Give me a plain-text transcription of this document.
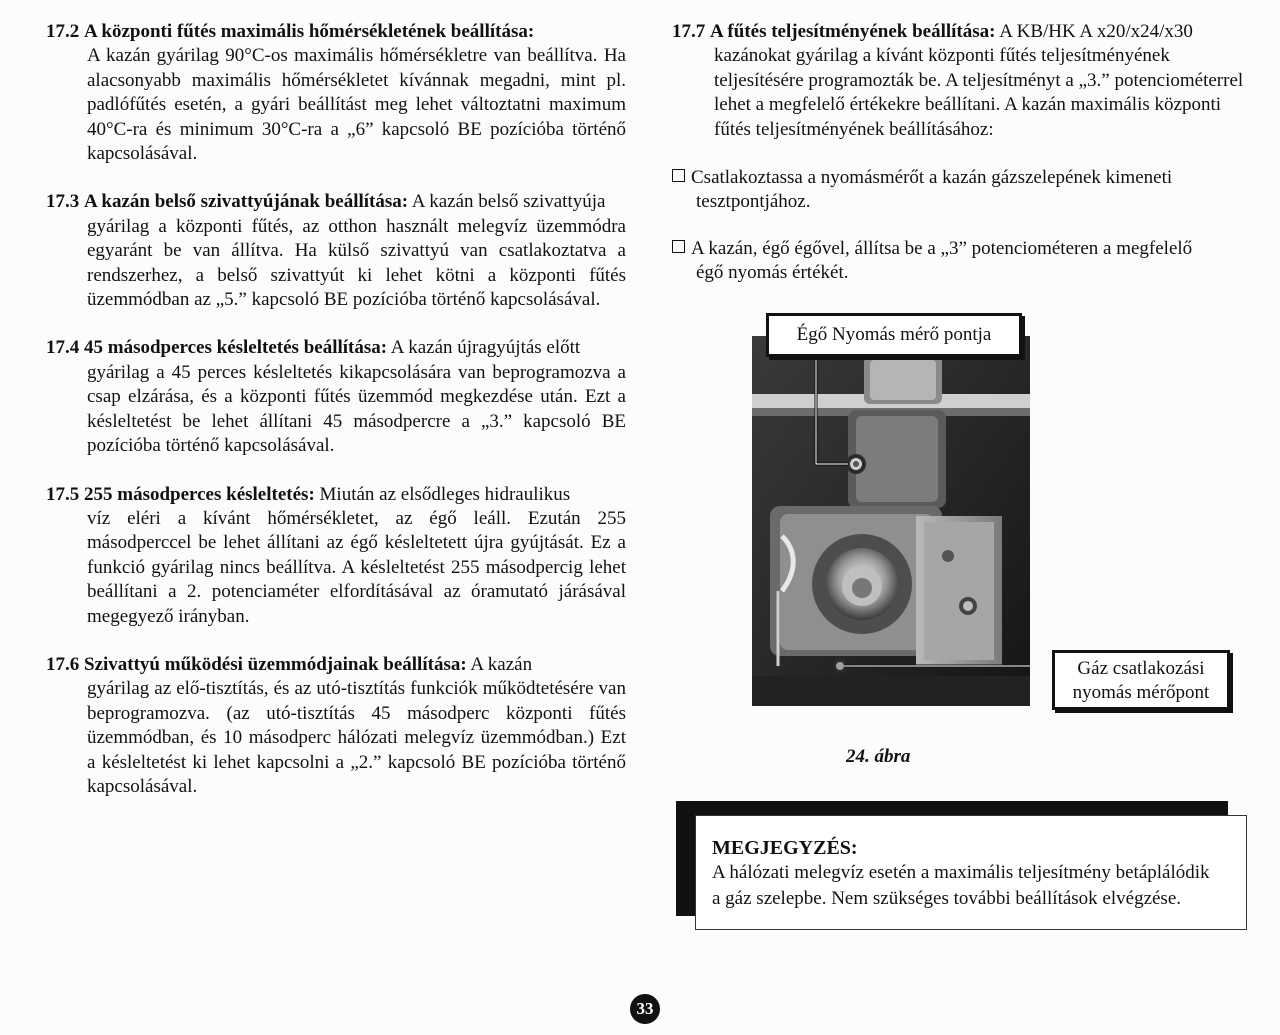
17.2 A központi fűtés maximális hőmérsékletének beállítása:
A kazán gyárilag 90°C-os maximális hőmérsékletre van beállítva. Ha alacsonyabb maximális hőmérsékletet kívánnak megadni, mint pl. padlófűtés esetén, a gyári beállítást meg lehet változtatni maximum 40°C-ra és minimum 30°C-ra a „6” kapcsoló BE pozícióba történő kapcsolásával.
17.3 A kazán belső szivattyújának beállítása: A kazán belső szivattyúja
gyárilag a központi fűtés, az otthon használt melegvíz üzemmódra egyaránt be van állítva. Ha külső szivattyú van csatlakoztatva a rendszerhez, a belső szivattyút ki lehet kötni a központi fűtés üzemmódban az „5.” kapcsoló BE pozícióba történő kapcsolásával.
17.4 45 másodperces késleltetés beállítása: A kazán újragyújtás előtt
gyárilag a 45 perces késleltetés kikapcsolására van beprogramozva a csap elzárása, és a központi fűtés üzemmód megkezdése után. Ezt a késleltetést be lehet állítani 45 másodpercre a „3.” kapcsoló BE pozícióba történő kapcsolásával.
17.5 255 másodperces késleltetés: Miután az elsődleges hidraulikus
víz eléri a kívánt hőmérsékletet, az égő leáll. Ezután 255 másodperccel be lehet állítani az égő késleltetett újra gyújtását. Ez a funkció gyárilag nincs beállítva. A késleltetést 255 másodpercig lehet beállítani a 2. potenciaméter elfordításával az óramutató járásával megegyező irányban.
17.6 Szivattyú működési üzemmódjainak beállítása: A kazán
gyárilag az elő-tisztítás, és az utó-tisztítás funkciók működtetésére van beprogramozva. (az utó-tisztítás 45 másodperc központi fűtés üzemmódban, és 10 másodperc hálózati melegvíz üzemmódban.) Ezt a késleltetést ki lehet kapcsolni a „2.” kapcsoló BE pozícióba történő kapcsolásával.
17.7 A fűtés teljesítményének beállítása: A KB/HK A x20/x24/x30
kazánokat gyárilag a kívánt központi fűtés teljesítményének teljesítésére programozták be. A teljesítményt a „3.” potenciométerrel lehet a megfelelő értékekre beállítani. A kazán maximális központi fűtés teljesítményének beállításához:
Csatlakoztassa a nyomásmérőt a kazán gázszelepének kimeneti
tesztpontjához.
A kazán, égő égővel, állítsa be a „3” potenciométeren a megfelelő
égő nyomás értékét.
Égő Nyomás mérő pontja
Gáz csatlakozási
nyomás mérőpont
24. ábra
MEGJEGYZÉS:
A hálózati melegvíz esetén a maximális teljesítmény betáplálódik
a gáz szelepbe. Nem szükséges további beállítások elvégzése.
33
